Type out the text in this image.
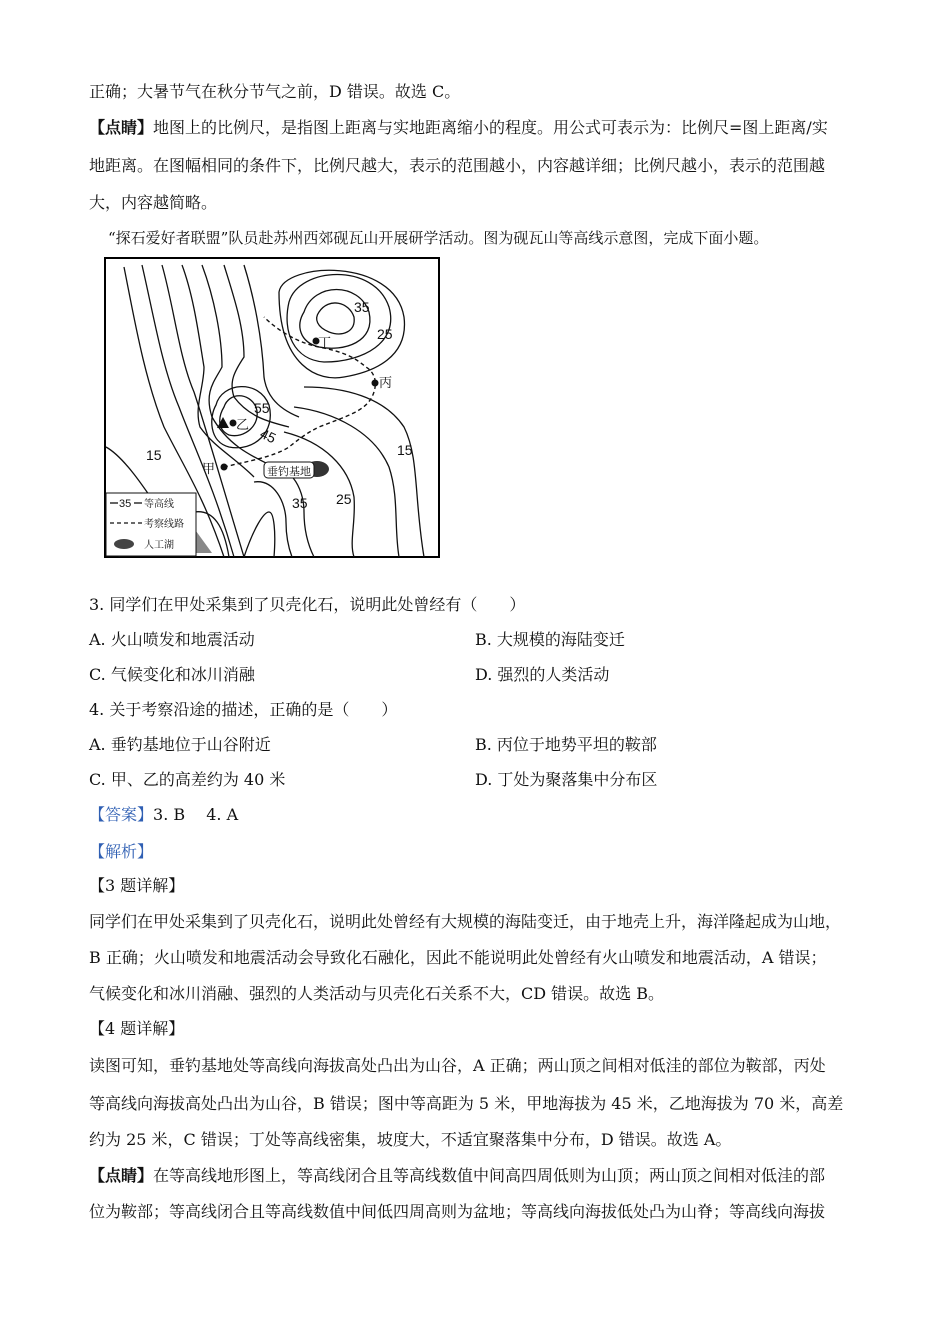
正确；大暑节气在秋分节气之前，D 错误。故选 C。
【点睛】地图上的比例尺，是指图上距离与实地距离缩小的程度。用公式可表示为：比例尺=图上距离/实
地距离。在图幅相同的条件下，比例尺越大，表示的范围越小，内容越详细；比例尺越小，表示的范围越
大，内容越简略。
“探石爱好者联盟”队员赴苏州西郊砚瓦山开展研学活动。图为砚瓦山等高线示意图，完成下面小题。
35
25
55
45
15	15
35 25
丁
丙
乙
甲	垂钓基地
35 等高线
考察线路
人工湖
3. 同学们在甲处采集到了贝壳化石，说明此处曾经有（　　）
A. 火山喷发和地震活动	B. 大规模的海陆变迁
C. 气候变化和冰川消融	D. 强烈的人类活动
4. 关于考察沿途的描述，正确的是（　　）
A. 垂钓基地位于山谷附近	B. 丙位于地势平坦的鞍部
C. 甲、乙的高差约为 40 米	D. 丁处为聚落集中分布区
【答案】3. B　 4. A
【解析】
【3 题详解】
同学们在甲处采集到了贝壳化石，说明此处曾经有大规模的海陆变迁，由于地壳上升，海洋隆起成为山地，
B 正确；火山喷发和地震活动会导致化石融化，因此不能说明此处曾经有火山喷发和地震活动，A 错误；
气候变化和冰川消融、强烈的人类活动与贝壳化石关系不大，CD 错误。故选 B。
【4 题详解】
读图可知，垂钓基地处等高线向海拔高处凸出为山谷，A 正确；两山顶之间相对低洼的部位为鞍部，丙处
等高线向海拔高处凸出为山谷，B 错误；图中等高距为 5 米，甲地海拔为 45 米，乙地海拔为 70 米，高差
约为 25 米，C 错误；丁处等高线密集，坡度大，不适宜聚落集中分布，D 错误。故选 A。
【点睛】在等高线地形图上，等高线闭合且等高线数值中间高四周低则为山顶；两山顶之间相对低洼的部
位为鞍部；等高线闭合且等高线数值中间低四周高则为盆地；等高线向海拔低处凸为山脊；等高线向海拔
